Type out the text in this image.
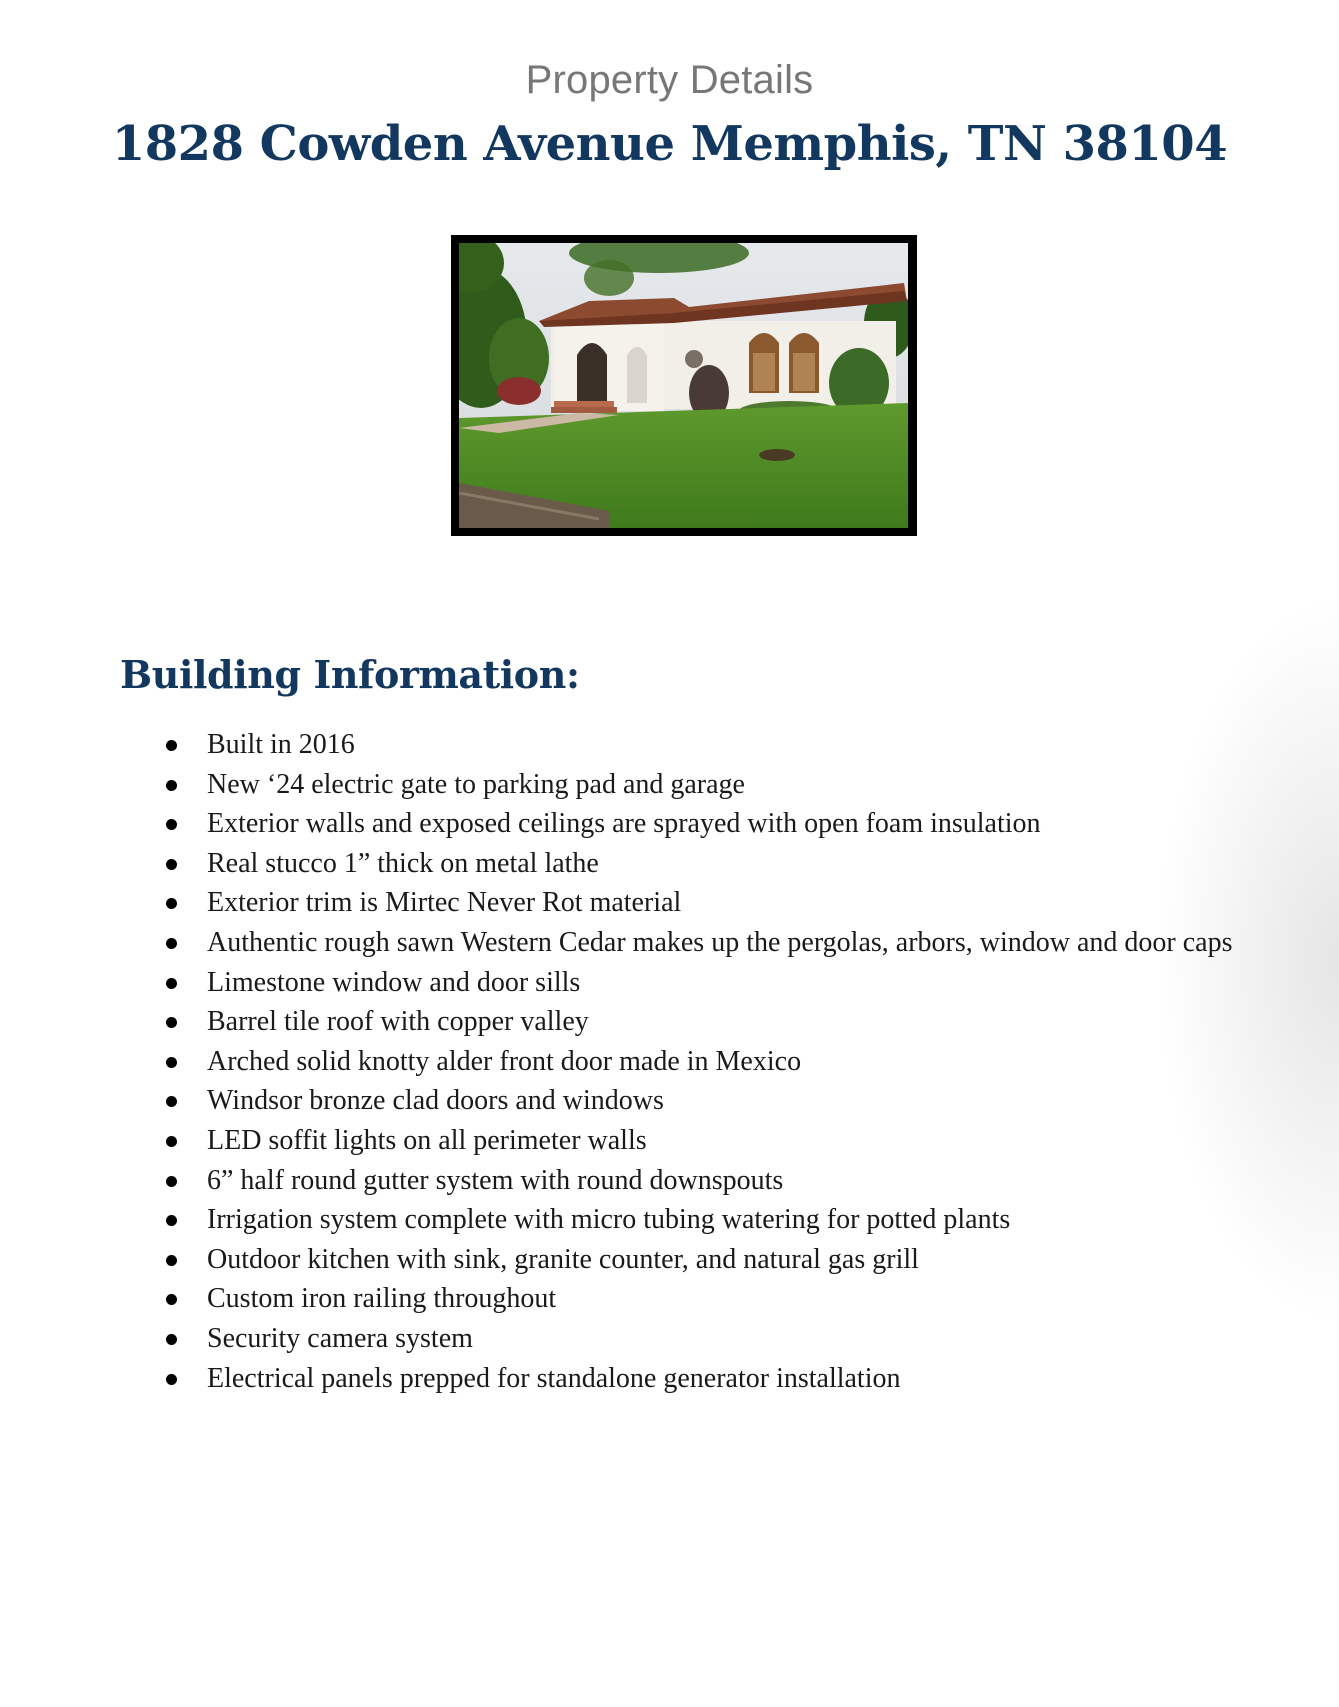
Property Details
1828 Cowden Avenue Memphis, TN 38104
Building Information:
Built in 2016
New ‘24 electric gate to parking pad and garage
Exterior walls and exposed ceilings are sprayed with open foam insulation
Real stucco 1” thick on metal lathe
Exterior trim is Mirtec Never Rot material
Authentic rough sawn Western Cedar makes up the pergolas, arbors, window and door caps
Limestone window and door sills
Barrel tile roof with copper valley
Arched solid knotty alder front door made in Mexico
Windsor bronze clad doors and windows
LED soffit lights on all perimeter walls
6” half round gutter system with round downspouts
Irrigation system complete with micro tubing watering for potted plants
Outdoor kitchen with sink, granite counter, and natural gas grill
Custom iron railing throughout
Security camera system
Electrical panels prepped for standalone generator installation
